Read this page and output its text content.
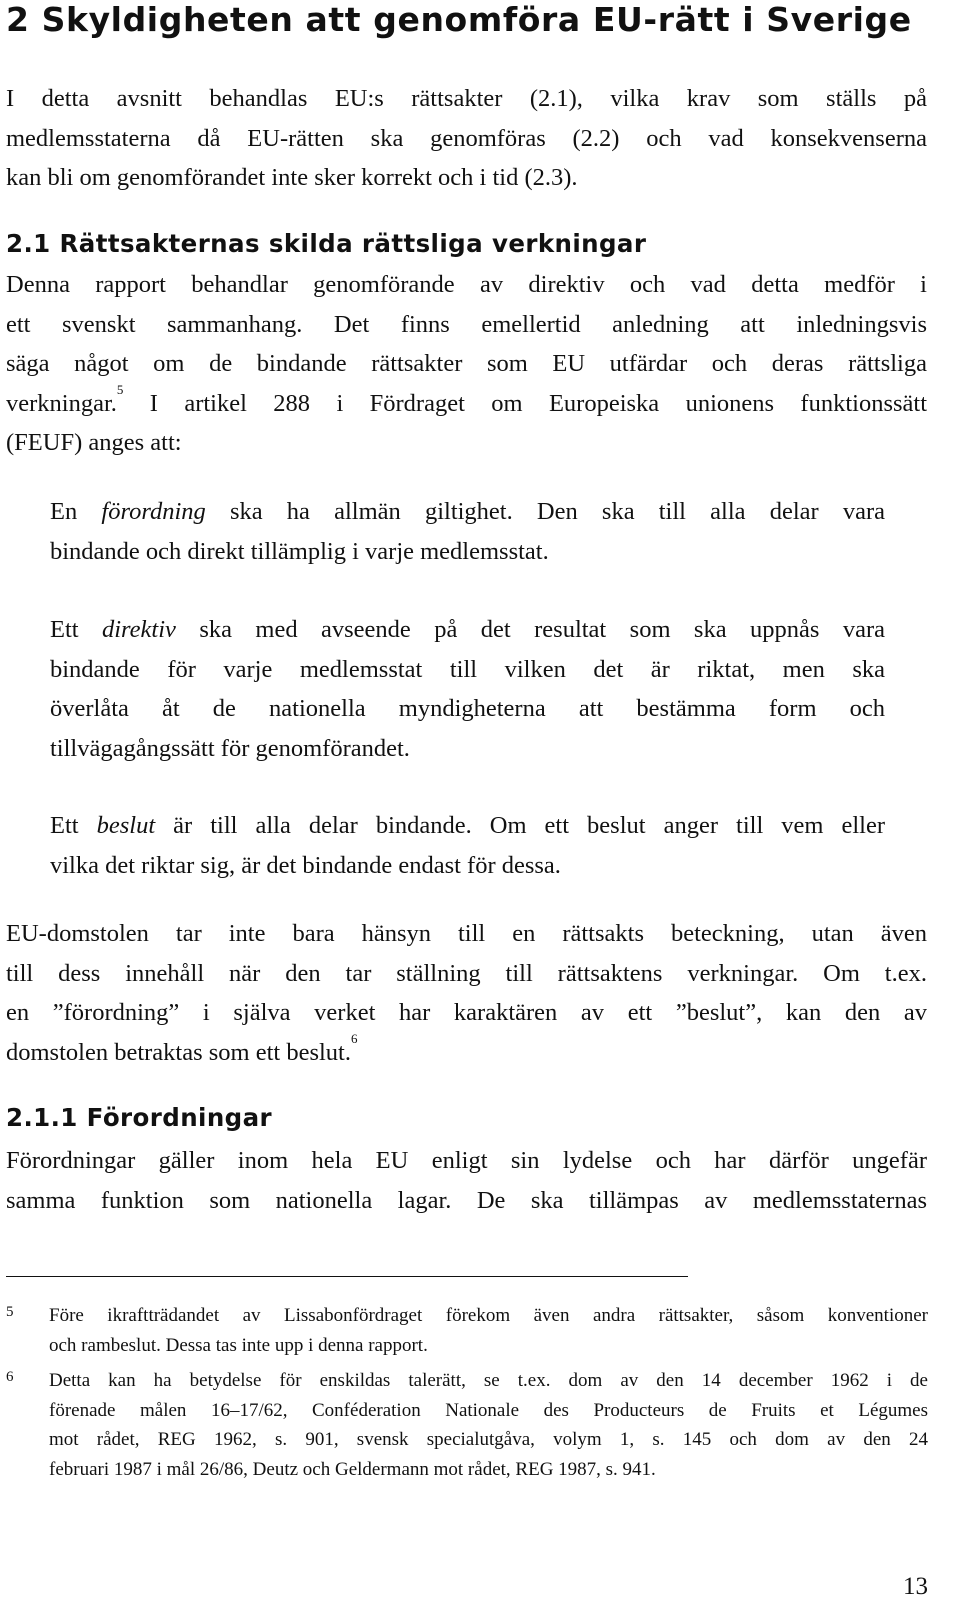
2 Skyldigheten att genomföra EU-rätt i Sverige
I detta avsnitt behandlas EU:s rättsakter (2.1), vilka krav som ställs på
medlemsstaterna då EU-rätten ska genomföras (2.2) och vad konsekvenserna
kan bli om genomförandet inte sker korrekt och i tid (2.3).
2.1 Rättsakternas skilda rättsliga verkningar
Denna rapport behandlar genomförande av direktiv och vad detta medför i
ett svenskt sammanhang. Det finns emellertid anledning att inledningsvis
säga något om de bindande rättsakter som EU utfärdar och deras rättsliga
verkningar.$^5$ I artikel 288 i Fördraget om Europeiska unionens funktionssätt
(FEUF) anges att:
En förordning ska ha allmän giltighet. Den ska till alla delar vara
bindande och direkt tillämplig i varje medlemsstat.
Ett direktiv ska med avseende på det resultat som ska uppnås vara
bindande för varje medlemsstat till vilken det är riktat, men ska
överlåta åt de nationella myndigheterna att bestämma form och
tillvägagångssätt för genomförandet.
Ett beslut är till alla delar bindande. Om ett beslut anger till vem eller
vilka det riktar sig, är det bindande endast för dessa.
EU-domstolen tar inte bara hänsyn till en rättsakts beteckning, utan även
till dess innehåll när den tar ställning till rättsaktens verkningar. Om t.ex.
en ”förordning” i själva verket har karaktären av ett ”beslut”, kan den av
domstolen betraktas som ett beslut.$^6$
2.1.1 Förordningar
Förordningar gäller inom hela EU enligt sin lydelse och har därför ungefär
samma funktion som nationella lagar. De ska tillämpas av medlemsstaternas
5 Före ikraftträdandet av Lissabonfördraget förekom även andra rättsakter, såsom konventioner
och rambeslut. Dessa tas inte upp i denna rapport.
6 Detta kan ha betydelse för enskildas talerätt, se t.ex. dom av den 14 december 1962 i de
förenade målen 16–17/62, Conféderation Nationale des Producteurs de Fruits et Légumes
mot rådet, REG 1962, s. 901, svensk specialutgåva, volym 1, s. 145 och dom av den 24
februari 1987 i mål 26/86, Deutz och Geldermann mot rådet, REG 1987, s. 941.
13
